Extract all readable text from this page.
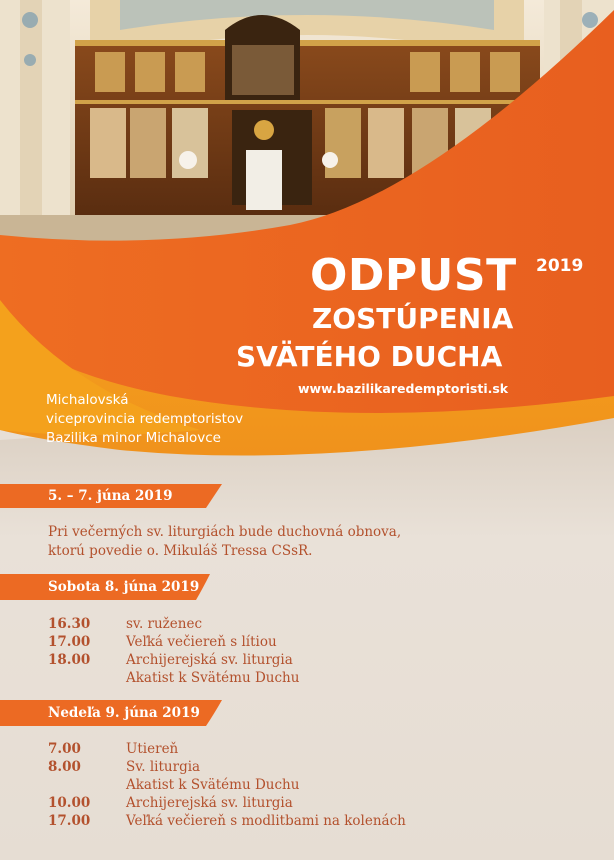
ODPUST 2019
ZOSTÚPENIA
SVÄTÉHO DUCHA
www.bazilikaredemptoristi.sk
Michalovská
viceprovincia redemptoristov
Bazilika minor Michalovce
5. – 7. júna 2019
Pri večerných sv. liturgiách bude duchovná obnova,
ktorú povedie o. Mikuláš Tressa CSsR.
Sobota 8. júna 2019
16.30	sv. ruženec
17.00	Veľká večiereň s lítiou
18.00	Archijerejská sv. liturgia
Akatist k Svätému Duchu
Nedeľa 9. júna 2019
7.00	Utiereň
8.00	Sv. liturgia
Akatist k Svätému Duchu
10.00	Archijerejská sv. liturgia
17.00	Veľká večiereň s modlitbami na kolenách
